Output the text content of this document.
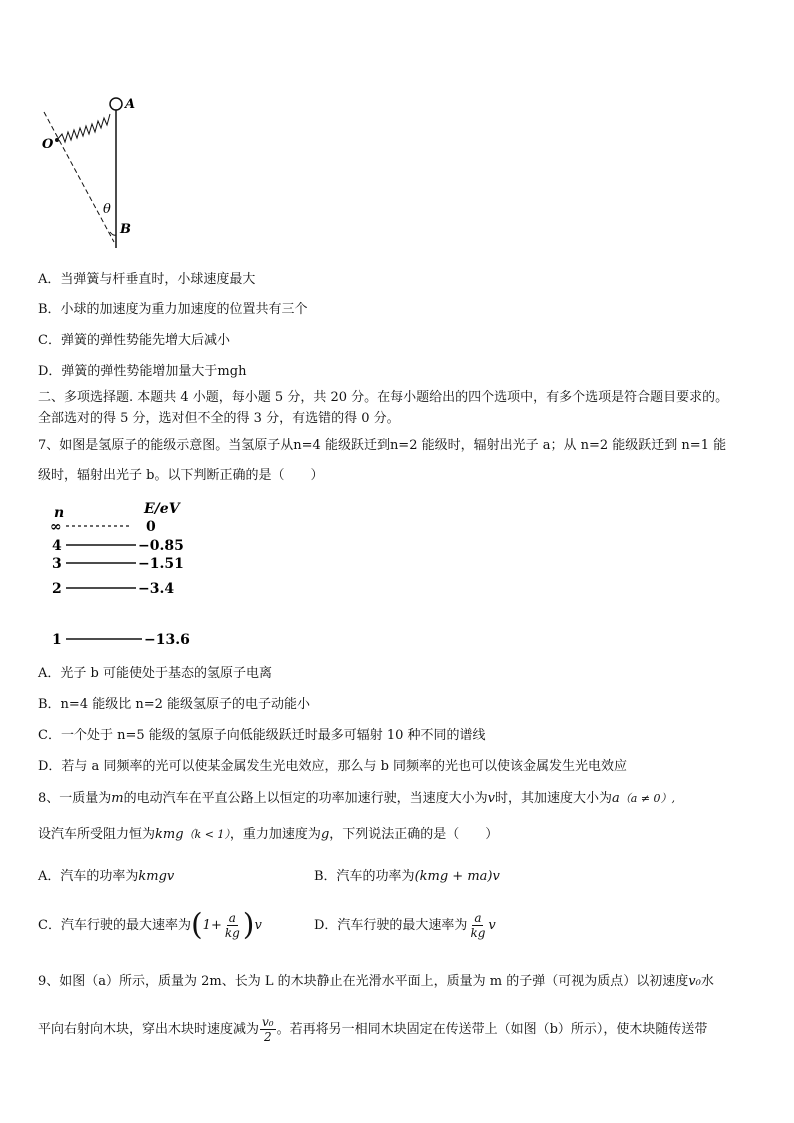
A
O
θ
B
A．当弹簧与杆垂直时，小球速度最大
B．小球的加速度为重力加速度的位置共有三个
C．弹簧的弹性势能先增大后减小
D．弹簧的弹性势能增加量大于mgh
二、多项选择题. 本题共 4 小题，每小题 5 分，共 20 分。在每小题给出的四个选项中，有多个选项是符合题目要求的。
全部选对的得 5 分，选对但不全的得 3 分，有选错的得 0 分。
7、如图是氢原子的能级示意图。当氢原子从n=4 能级跃迁到n=2 能级时，辐射出光子 a；从 n=2 能级跃迁到 n=1 能
级时，辐射出光子 b。以下判断正确的是（　　）
n	E/eV
∞	0
4	−0.85
3	−1.51
2	−3.4
1	−13.6
A．光子 b 可能使处于基态的氢原子电离
B．n=4 能级比 n=2 能级氢原子的电子动能小
C．一个处于 n=5 能级的氢原子向低能级跃迁时最多可辐射 10 种不同的谱线
D．若与 a 同频率的光可以使某金属发生光电效应，那么与 b 同频率的光也可以使该金属发生光电效应
8、一质量为m的电动汽车在平直公路上以恒定的功率加速行驶，当速度大小为v时，其加速度大小为a（a ≠ 0）,
设汽车所受阻力恒为kmg（k < 1），重力加速度为g，下列说法正确的是（　　）
A．汽车的功率为kmgv	B．汽车的功率为(kmg + ma)v
C．汽车行驶的最大速率为$(1+ \frac{a}{kg} )v$	D．汽车行驶的最大速率为 $\frac{a}{kg}$ v
9、如图（a）所示，质量为 2m、长为 L 的木块静止在光滑水平面上，质量为 m 的子弹（可视为质点）以初速度v₀水
平向右射向木块，穿出木块时速度减为 $\frac{\text{v₀}}{2}$ 。若再将另一相同木块固定在传送带上（如图（b）所示），使木块随传送带
